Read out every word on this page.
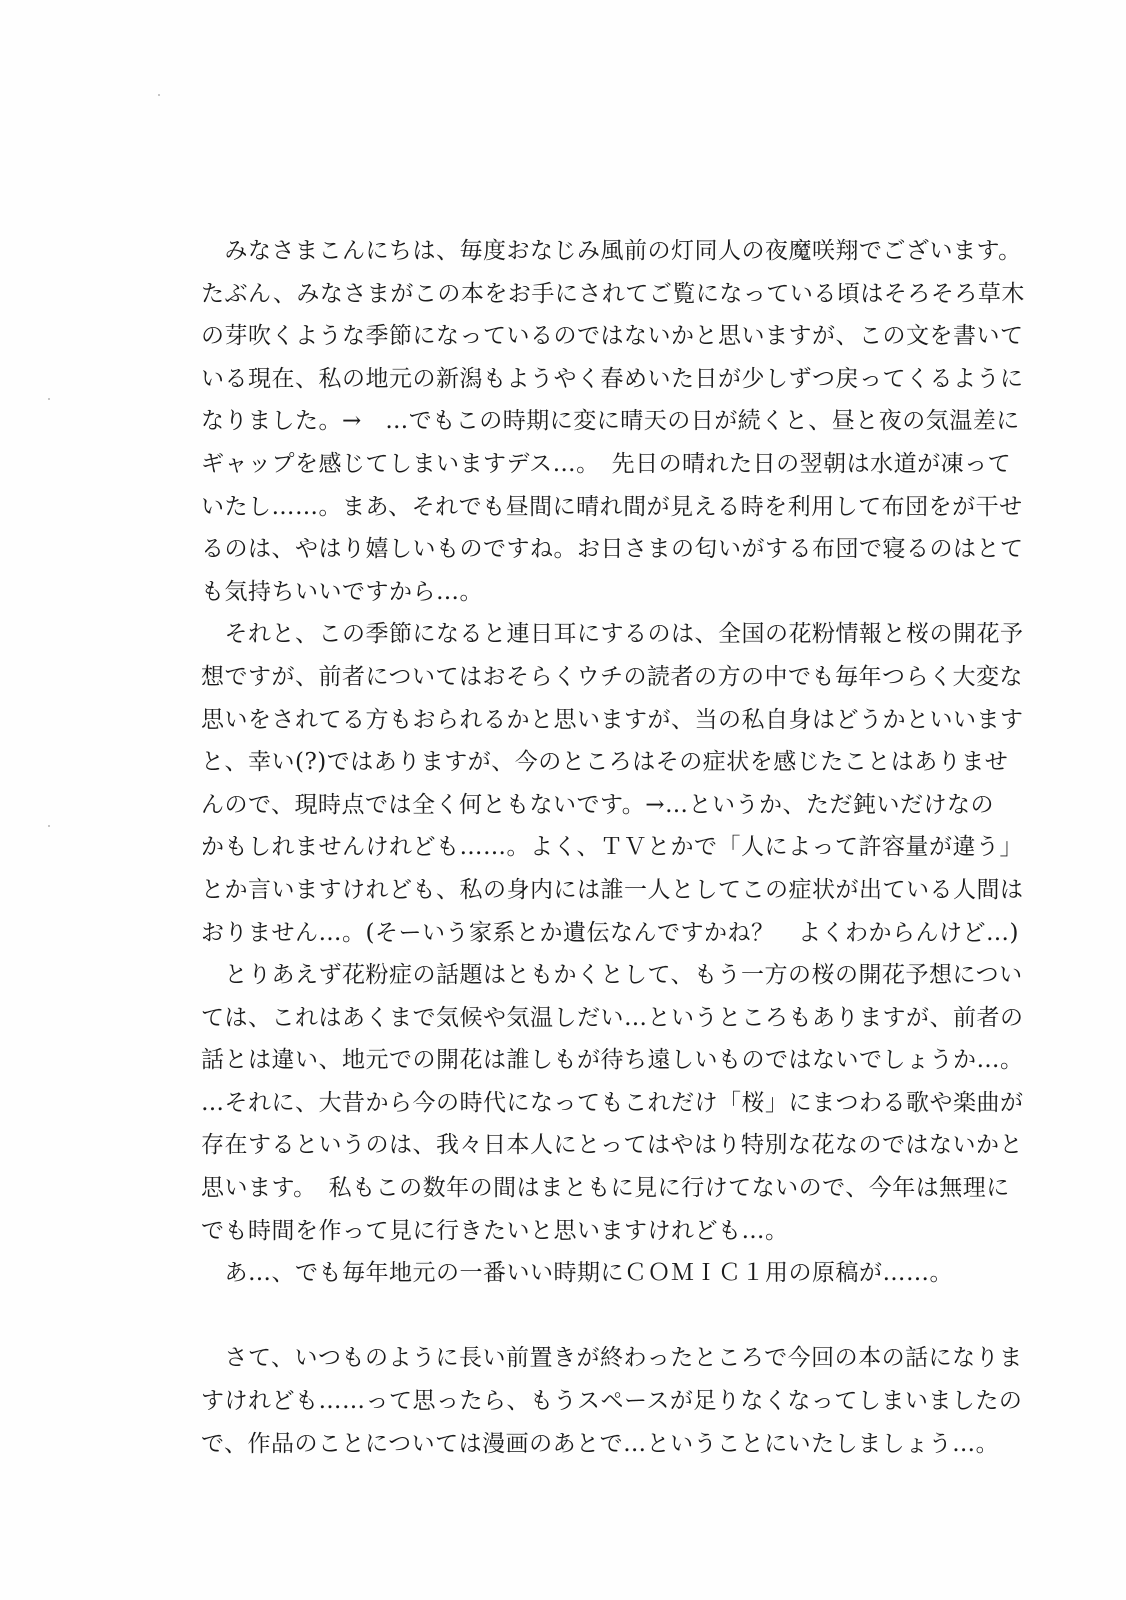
　みなさまこんにちは、毎度おなじみ風前の灯同人の夜魔咲翔でございます。
たぶん、みなさまがこの本をお手にされてご覧になっている頃はそろそろ草木
の芽吹くような季節になっているのではないかと思いますが、この文を書いて
いる現在、私の地元の新潟もようやく春めいた日が少しずつ戻ってくるように
なりました。→　…でもこの時期に変に晴天の日が続くと、昼と夜の気温差に
ギャップを感じてしまいますデス…。　先日の晴れた日の翌朝は水道が凍って
いたし……。まあ、それでも昼間に晴れ間が見える時を利用して布団をが干せ
るのは、やはり嬉しいものですね。お日さまの匂いがする布団で寝るのはとて
も気持ちいいですから…。
　それと、この季節になると連日耳にするのは、全国の花粉情報と桜の開花予
想ですが、前者についてはおそらくウチの読者の方の中でも毎年つらく大変な
思いをされてる方もおられるかと思いますが、当の私自身はどうかといいます
と、幸い(?)ではありますが、今のところはその症状を感じたことはありませ
んので、現時点では全く何ともないです。→…というか、ただ鈍いだけなの
かもしれませんけれども……。よく、ＴＶとかで「人によって許容量が違う」
とか言いますけれども、私の身内には誰一人としてこの症状が出ている人間は
おりません…。(そーいう家系とか遺伝なんですかね？　よくわからんけど…)
　とりあえず花粉症の話題はともかくとして、もう一方の桜の開花予想につい
ては、これはあくまで気候や気温しだい…というところもありますが、前者の
話とは違い、地元での開花は誰しもが待ち遠しいものではないでしょうか…。
…それに、大昔から今の時代になってもこれだけ「桜」にまつわる歌や楽曲が
存在するというのは、我々日本人にとってはやはり特別な花なのではないかと
思います。　私もこの数年の間はまともに見に行けてないので、今年は無理に
でも時間を作って見に行きたいと思いますけれども…。
　あ…、でも毎年地元の一番いい時期にＣＯＭＩＣ１用の原稿が……。
　さて、いつものように長い前置きが終わったところで今回の本の話になりま
すけれども……って思ったら、もうスペースが足りなくなってしまいましたの
で、作品のことについては漫画のあとで…ということにいたしましょう…。
